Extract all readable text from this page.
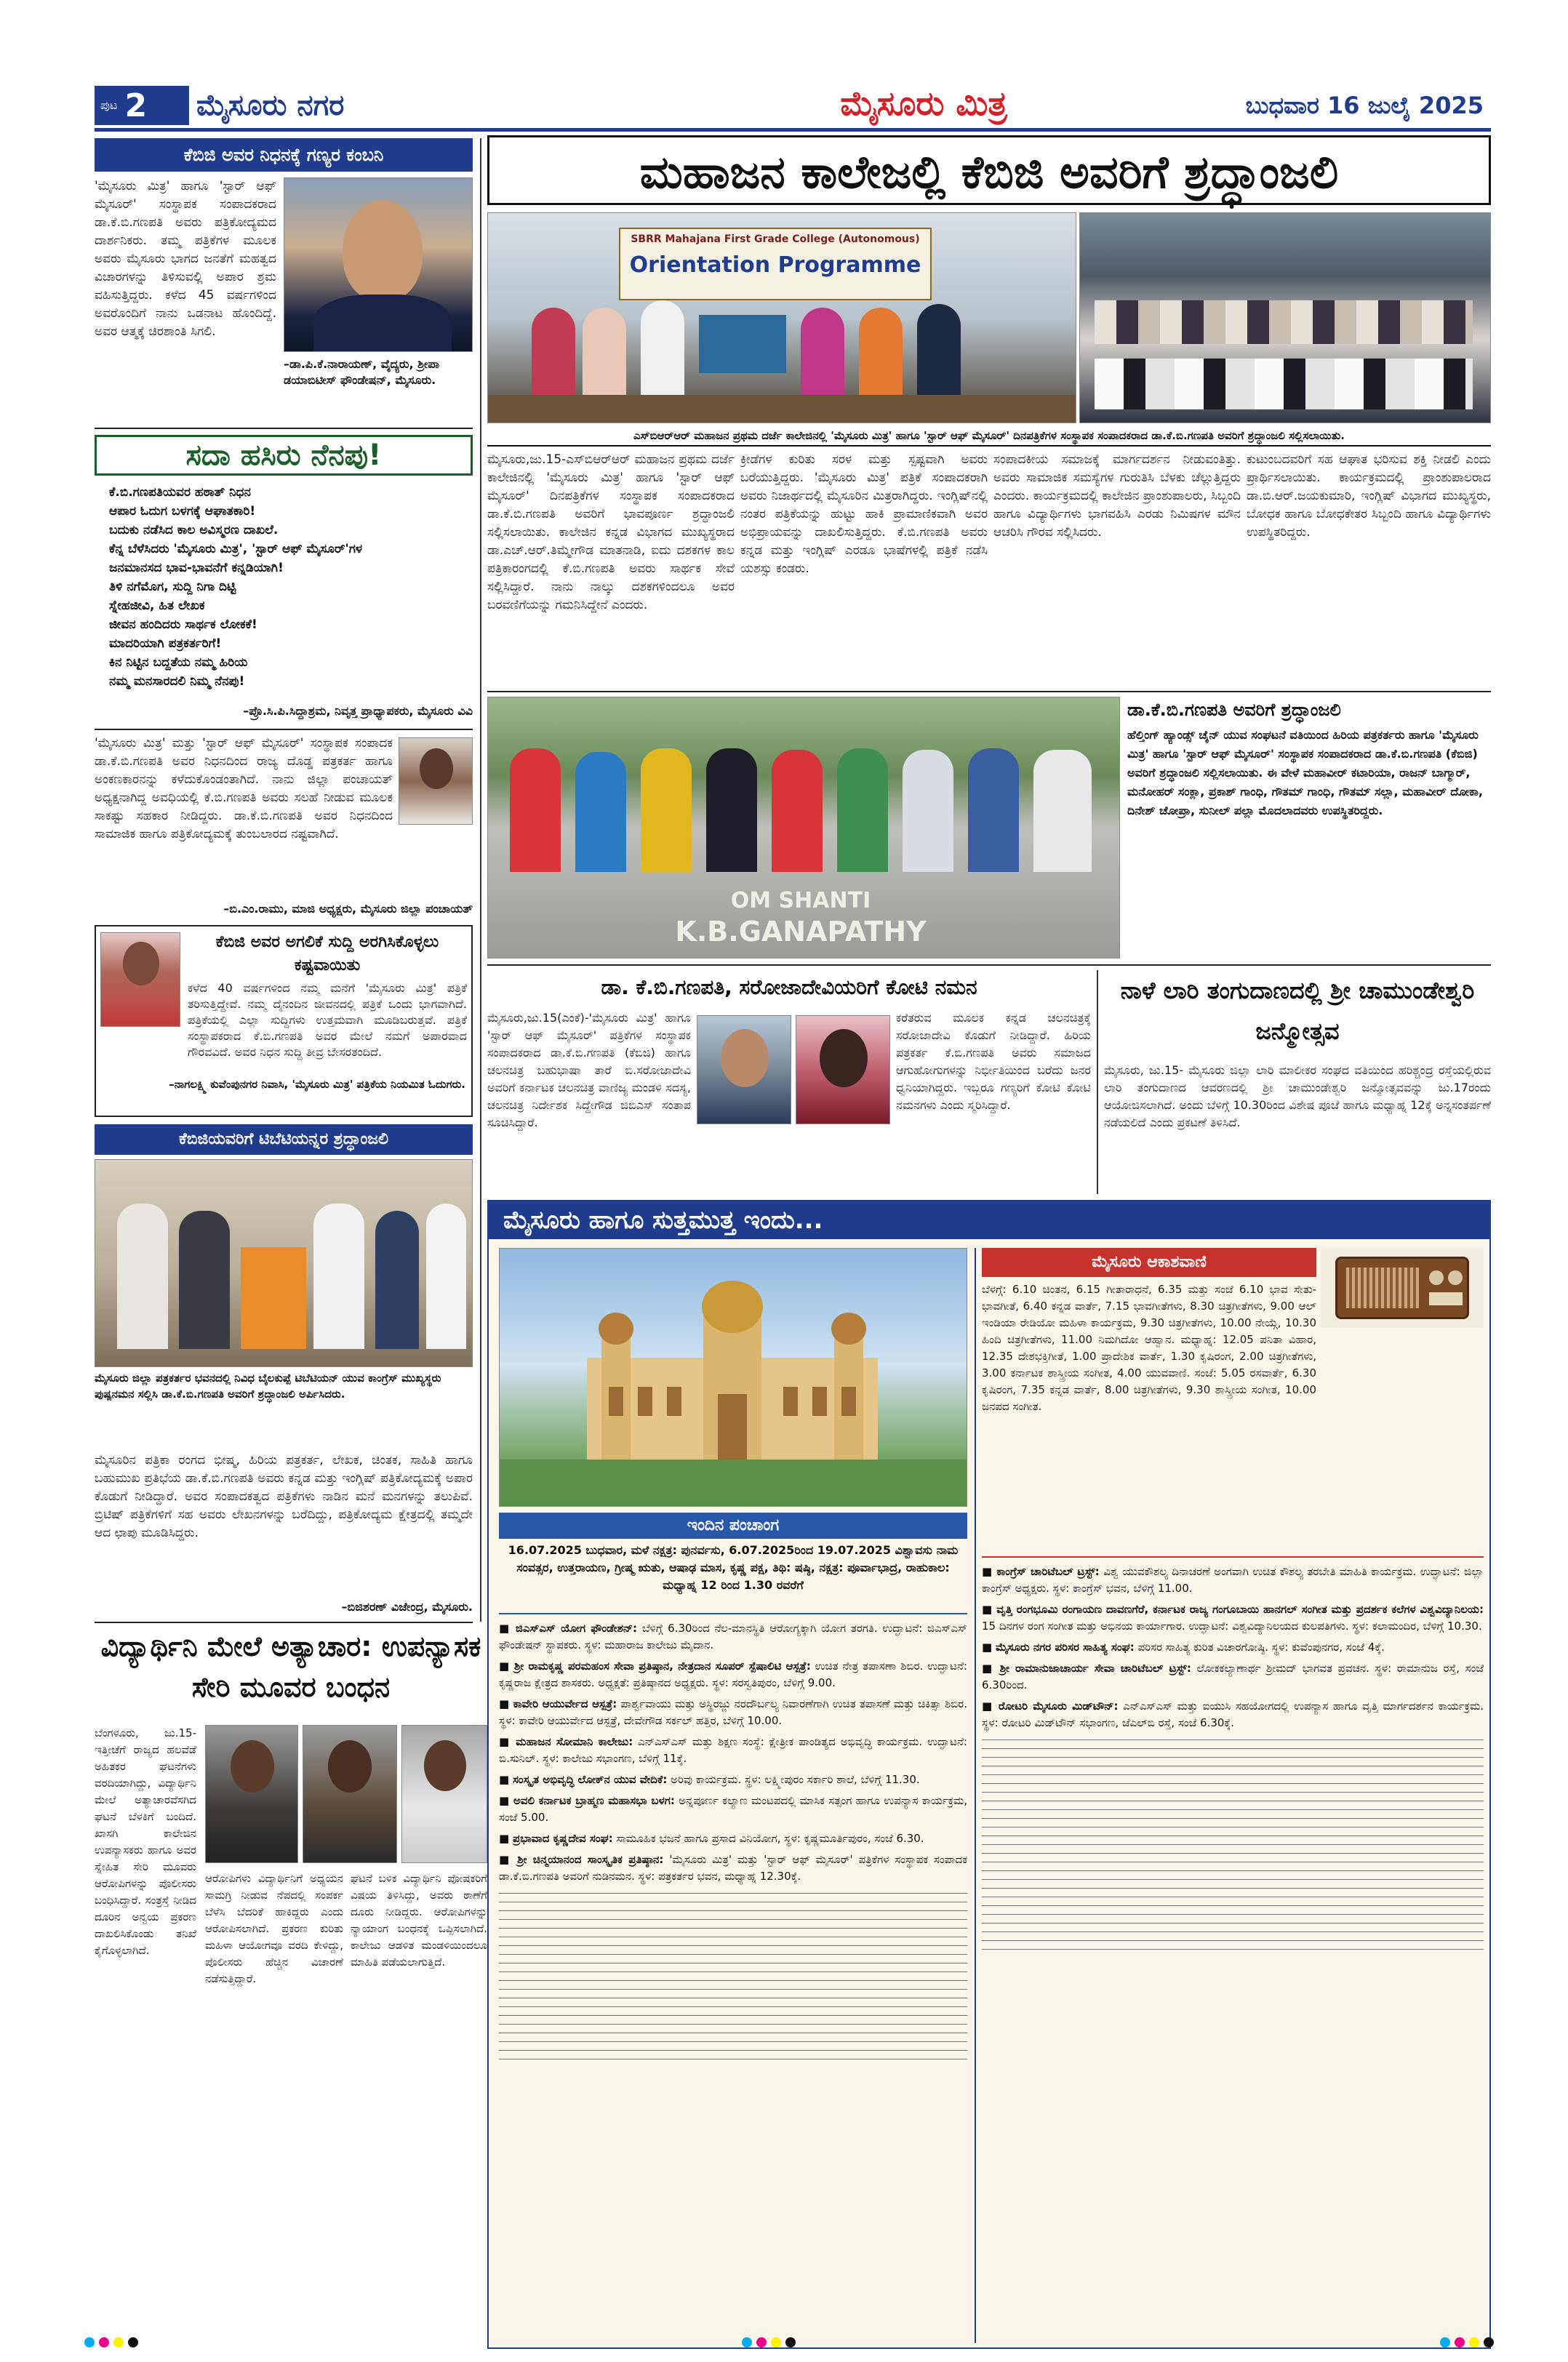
ಪುಟ 2 ಮೈಸೂರು ನಗರ	ಮೈಸೂರು ಮಿತ್ರ	ಬುಧವಾರ 16 ಜುಲೈ 2025
ಕೆಬಿಜಿ ಅವರ ನಿಧನಕ್ಕೆ ಗಣ್ಯರ ಕಂಬನಿ
'ಮೈಸೂರು ಮಿತ್ರ' ಹಾಗೂ 'ಸ್ಟಾರ್ ಆಫ್ ಮೈಸೂರ್' ಸಂಸ್ಥಾಪಕ ಸಂಪಾದಕರಾದ ಡಾ.ಕೆ.ಬಿ.ಗಣಪತಿ ಅವರು ಪತ್ರಿಕೋದ್ಯಮದ ದಾರ್ಶನಿಕರು. ತಮ್ಮ ಪತ್ರಿಕೆಗಳ ಮೂಲಕ ಅವರು ಮೈಸೂರು ಭಾಗದ ಜನತೆಗೆ ಮಹತ್ವದ ವಿಚಾರಗಳನ್ನು ತಿಳಿಸುವಲ್ಲಿ ಅಪಾರ ಶ್ರಮ ವಹಿಸುತ್ತಿದ್ದರು. ಕಳೆದ 45 ವರ್ಷಗಳಿಂದ ಅವರೊಂದಿಗೆ ನಾನು ಒಡನಾಟ ಹೊಂದಿದ್ದೆ. ಅವರ ಆತ್ಮಕ್ಕೆ ಚಿರಶಾಂತಿ ಸಿಗಲಿ.
–ಡಾ.ಪಿ.ಕೆ.ನಾರಾಯಣ್, ವೈದ್ಯರು, ಶ್ರೀಪಾ ಡಯಾಬಿಟೀಸ್ ಫೌಂಡೇಷನ್, ಮೈಸೂರು.
ಸದಾ ಹಸಿರು ನೆನಪು!
ಕೆ.ಬಿ.ಗಣಪತಿಯವರ ಹಠಾತ್ ನಿಧನ
ಆಪಾರ ಓದುಗ ಬಳಗಕ್ಕೆ ಆಘಾತಕಾರಿ!
ಬದುಕು ನಡೆಸಿದ ಕಾಲ ಅವಿಸ್ಮರಣ ದಾಖಲೆ.
ಕೆನ್ನ ಬೆಳೆಸಿದರು 'ಮೈಸೂರು ಮಿತ್ರ', 'ಸ್ಟಾರ್ ಆಫ್ ಮೈಸೂರ್'ಗಳ
ಜನಮಾನಸದ ಭಾವ-ಭಾವನೆಗೆ ಕನ್ನಡಿಯಾಗಿ!
ತಿಳಿ ನಗೆಮೊಗ, ಸುದ್ದಿ ನಿಗಾ ದಿಟ್ಟಿ
ಸ್ನೇಹಜೀವಿ, ಹಿತ ಲೇಖಕ
ಜೀವನ ಹಂದಿದರು ಸಾರ್ಥಕ ಲೋಕಕೆ!
ಮಾದರಿಯಾಗಿ ಪತ್ರಕರ್ತರಿಗೆ!
ಕಿನ ನಿಟ್ಟಿನ ಬದ್ದತೆಯ ನಮ್ಮ ಹಿರಿಯ
ನಮ್ಮ ಮನಸಾರದಲಿ ನಿಮ್ಮ ನೆನಪು!
–ಪ್ರೊ.ಸಿ.ಪಿ.ಸಿದ್ದಾಶ್ರಮ, ನಿವೃತ್ತ ಪ್ರಾಧ್ಯಾಪಕರು, ಮೈಸೂರು ವಿವಿ
'ಮೈಸೂರು ಮಿತ್ರ' ಮತ್ತು 'ಸ್ಟಾರ್ ಆಫ್ ಮೈಸೂರ್' ಸಂಸ್ಥಾಪಕ ಸಂಪಾದಕ ಡಾ.ಕೆ.ಬಿ.ಗಣಪತಿ ಅವರ ನಿಧನದಿಂದ ರಾಜ್ಯ ದೊಡ್ಡ ಪತ್ರಕರ್ತ ಹಾಗೂ ಅಂಕಣಕಾರನನ್ನು ಕಳೆದುಕೊಂಡಂತಾಗಿದೆ. ನಾನು ಜಿಲ್ಲಾ ಪಂಚಾಯತ್ ಅಧ್ಯಕ್ಷನಾಗಿದ್ದ ಅವಧಿಯಲ್ಲಿ ಕೆ.ಬಿ.ಗಣಪತಿ ಅವರು ಸಲಹೆ ನೀಡುವ ಮೂಲಕ ಸಾಕಷ್ಟು ಸಹಕಾರ ನೀಡಿದ್ದರು. ಡಾ.ಕೆ.ಬಿ.ಗಣಪತಿ ಅವರ ನಿಧನದಿಂದ ಸಾಮಾಜಿಕ ಹಾಗೂ ಪತ್ರಿಕೋದ್ಯಮಕ್ಕೆ ತುಂಬಲಾರದ ನಷ್ಟವಾಗಿದೆ.
–ಬಿ.ಎಂ.ರಾಮು, ಮಾಜಿ ಅಧ್ಯಕ್ಷರು, ಮೈಸೂರು ಜಿಲ್ಲಾ ಪಂಚಾಯತ್
ಕೆಬಿಜಿ ಅವರ ಅಗಲಿಕೆ ಸುದ್ದಿ ಅರಗಿಸಿಕೊಳ್ಳಲು ಕಷ್ಟವಾಯಿತು
ಕಳೆದ 40 ವರ್ಷಗಳಿಂದ ನಮ್ಮ ಮನೆಗೆ 'ಮೈಸೂರು ಮಿತ್ರ' ಪತ್ರಿಕೆ ತರಿಸುತ್ತಿದ್ದೇವೆ. ನಮ್ಮ ದೈನಂದಿನ ಜೀವನದಲ್ಲಿ ಪತ್ರಿಕೆ ಒಂದು ಭಾಗವಾಗಿದೆ. ಪತ್ರಿಕೆಯಲ್ಲಿ ಎಲ್ಲಾ ಸುದ್ದಿಗಳು ಉತ್ತಮವಾಗಿ ಮೂಡಿಬರುತ್ತವೆ. ಪತ್ರಿಕೆ ಸಂಸ್ಥಾಪಕರಾದ ಕೆ.ಬಿ.ಗಣಪತಿ ಅವರ ಮೇಲೆ ನಮಗೆ ಅಪಾರವಾದ ಗೌರವವಿದೆ. ಅವರ ನಿಧನ ಸುದ್ದಿ ತೀವ್ರ ಬೇಸರತಂದಿದೆ.
–ನಾಗಲಕ್ಷ್ಮಿ ಕುವೆಂಪುನಗರ ನಿವಾಸಿ, 'ಮೈಸೂರು ಮಿತ್ರ' ಪತ್ರಿಕೆಯ ನಿಯಮಿತ ಓದುಗರು.
ಕೆಬಿಜಿಯವರಿಗೆ ಟಿಬೆಟಿಯನ್ನರ ಶ್ರದ್ಧಾಂಜಲಿ
ಮೈಸೂರು ಜಿಲ್ಲಾ ಪತ್ರಕರ್ತರ ಭವನದಲ್ಲಿ ನಿವಿಧ ಬೈಲಕುಪ್ಪೆ ಟಿಬೆಟಿಯನ್ ಯುವ ಕಾಂಗ್ರೆಸ್ ಮುಖ್ಯಸ್ಥರು ಪುಷ್ಪನಮನ ಸಲ್ಲಿಸಿ ಡಾ.ಕೆ.ಬಿ.ಗಣಪತಿ ಅವರಿಗೆ ಶ್ರದ್ಧಾಂಜಲಿ ಅರ್ಪಿಸಿದರು.
ಮೈಸೂರಿನ ಪತ್ರಿಕಾ ರಂಗದ ಭೀಷ್ಮ, ಹಿರಿಯ ಪತ್ರಕರ್ತ, ಲೇಖಕ, ಚಿಂತಕ, ಸಾಹಿತಿ ಹಾಗೂ ಬಹುಮುಖ ಪ್ರತಿಭೆಯ ಡಾ.ಕೆ.ಬಿ.ಗಣಪತಿ ಅವರು ಕನ್ನಡ ಮತ್ತು ಇಂಗ್ಲಿಷ್ ಪತ್ರಿಕೋದ್ಯಮಕ್ಕೆ ಅಪಾರ ಕೊಡುಗೆ ನೀಡಿದ್ದಾರೆ. ಅವರ ಸಂಪಾದಕತ್ವದ ಪತ್ರಿಕೆಗಳು ನಾಡಿನ ಮನೆ ಮನಗಳನ್ನು ತಲುಪಿವೆ. ಬ್ರಿಟಿಷ್ ಪತ್ರಿಕೆಗಳಿಗೆ ಸಹ ಅವರು ಲೇಖನಗಳನ್ನು ಬರೆದಿದ್ದು, ಪತ್ರಿಕೋದ್ಯಮ ಕ್ಷೇತ್ರದಲ್ಲಿ ತಮ್ಮದೇ ಆದ ಛಾಪು ಮೂಡಿಸಿದ್ದರು.
–ಬಿಜಿಶರಣ್ ವಿಜೇಂದ್ರ, ಮೈಸೂರು.
ವಿದ್ಯಾರ್ಥಿನಿ ಮೇಲೆ ಅತ್ಯಾಚಾರ: ಉಪನ್ಯಾಸಕ ಸೇರಿ ಮೂವರ ಬಂಧನ
ಬೆಂಗಳೂರು, ಜು.15- ಇತ್ತೀಚೆಗೆ ರಾಜ್ಯದ ಹಲವೆಡೆ ಅಹಿತಕರ ಘಟನೆಗಳು ವರದಿಯಾಗಿದ್ದು, ವಿದ್ಯಾರ್ಥಿನಿ ಮೇಲೆ ಅತ್ಯಾಚಾರವೆಸಗಿದ ಘಟನೆ ಬೆಳಕಿಗೆ ಬಂದಿದೆ. ಖಾಸಗಿ ಕಾಲೇಜಿನ ಉಪನ್ಯಾಸಕರು ಹಾಗೂ ಅವರ ಸ್ನೇಹಿತ ಸೇರಿ ಮೂವರು ಆರೋಪಿಗಳನ್ನು ಪೊಲೀಸರು ಬಂಧಿಸಿದ್ದಾರೆ. ಸಂತ್ರಸ್ತೆ ನೀಡಿದ ದೂರಿನ ಅನ್ವಯ ಪ್ರಕರಣ ದಾಖಲಿಸಿಕೊಂಡು ತನಿಖೆ ಕೈಗೊಳ್ಳಲಾಗಿದೆ.
ಆರೋಪಿಗಳು ವಿದ್ಯಾರ್ಥಿನಿಗೆ ಅಧ್ಯಯನ ಸಾಮಗ್ರಿ ನೀಡುವ ನೆಪದಲ್ಲಿ ಸಂಪರ್ಕ ಬೆಳೆಸಿ ಬೆದರಿಕೆ ಹಾಕಿದ್ದರು ಎಂದು ಆರೋಪಿಸಲಾಗಿದೆ. ಪ್ರಕರಣ ಕುರಿತು ಮಹಿಳಾ ಆಯೋಗವೂ ವರದಿ ಕೇಳಿದ್ದು, ಪೊಲೀಸರು ಹೆಚ್ಚಿನ ವಿಚಾರಣೆ ನಡೆಸುತ್ತಿದ್ದಾರೆ.
ಘಟನೆ ಬಳಿಕ ವಿದ್ಯಾರ್ಥಿನಿ ಪೋಷಕರಿಗೆ ವಿಷಯ ತಿಳಿಸಿದ್ದು, ಅವರು ಠಾಣೆಗೆ ದೂರು ನೀಡಿದ್ದರು. ಆರೋಪಿಗಳನ್ನು ನ್ಯಾಯಾಂಗ ಬಂಧನಕ್ಕೆ ಒಪ್ಪಿಸಲಾಗಿದೆ. ಕಾಲೇಜು ಆಡಳಿತ ಮಂಡಳಿಯಿಂದಲೂ ಮಾಹಿತಿ ಪಡೆಯಲಾಗುತ್ತಿದೆ.
ಮಹಾಜನ ಕಾಲೇಜಲ್ಲಿ ಕೆಬಿಜಿ ಅವರಿಗೆ ಶ್ರದ್ಧಾಂಜಲಿ
SBRR Mahajana First Grade College (Autonomous)
Orientation Programme
ಎಸ್‌ಬಿಆರ್‌ಆರ್ ಮಹಾಜನ ಪ್ರಥಮ ದರ್ಜೆ ಕಾಲೇಜಿನಲ್ಲಿ 'ಮೈಸೂರು ಮಿತ್ರ' ಹಾಗೂ 'ಸ್ಟಾರ್ ಆಫ್ ಮೈಸೂರ್' ದಿನಪತ್ರಿಕೆಗಳ ಸಂಸ್ಥಾಪಕ ಸಂಪಾದಕರಾದ ಡಾ.ಕೆ.ಬಿ.ಗಣಪತಿ ಅವರಿಗೆ ಶ್ರದ್ಧಾಂಜಲಿ ಸಲ್ಲಿಸಲಾಯಿತು.
ಮೈಸೂರು,ಜು.15-ಎಸ್‌ಬಿಆರ್‌ಆರ್ ಮಹಾಜನ ಪ್ರಥಮ ದರ್ಜೆ ಕಾಲೇಜಿನಲ್ಲಿ 'ಮೈಸೂರು ಮಿತ್ರ' ಹಾಗೂ 'ಸ್ಟಾರ್ ಆಫ್ ಮೈಸೂರ್' ದಿನಪತ್ರಿಕೆಗಳ ಸಂಸ್ಥಾಪಕ ಸಂಪಾದಕರಾದ ಡಾ.ಕೆ.ಬಿ.ಗಣಪತಿ ಅವರಿಗೆ ಭಾವಪೂರ್ಣ ಶ್ರದ್ಧಾಂಜಲಿ ಸಲ್ಲಿಸಲಾಯಿತು. ಕಾಲೇಜಿನ ಕನ್ನಡ ವಿಭಾಗದ ಮುಖ್ಯಸ್ಥರಾದ ಡಾ.ಎಚ್.ಆರ್.ತಿಮ್ಮೇಗೌಡ ಮಾತನಾಡಿ, ಐದು ದಶಕಗಳ ಕಾಲ ಪತ್ರಿಕಾರಂಗದಲ್ಲಿ ಕೆ.ಬಿ.ಗಣಪತಿ ಅವರು ಸಾರ್ಥಕ ಸೇವೆ ಸಲ್ಲಿಸಿದ್ದಾರೆ. ನಾನು ನಾಲ್ಕು ದಶಕಗಳಿಂದಲೂ ಅವರ ಬರವಣಿಗೆಯನ್ನು ಗಮನಿಸಿದ್ದೇನೆ ಎಂದರು.
ಕ್ರೀಡೆಗಳ ಕುರಿತು ಸರಳ ಮತ್ತು ಸ್ಪಷ್ಟವಾಗಿ ಅವರು ಬರೆಯುತ್ತಿದ್ದರು. 'ಮೈಸೂರು ಮಿತ್ರ' ಪತ್ರಿಕೆ ಸಂಪಾದಕರಾಗಿ ಅವರು ನಿಜಾರ್ಥದಲ್ಲಿ ಮೈಸೂರಿನ ಮಿತ್ರರಾಗಿದ್ದರು. ಇಂಗ್ಲಿಷ್‌ನಲ್ಲಿ ನಂತರ ಪತ್ರಿಕೆಯನ್ನು ಹುಟ್ಟು ಹಾಕಿ ಪ್ರಾಮಾಣಿಕವಾಗಿ ಅವರ ಅಭಿಪ್ರಾಯವನ್ನು ದಾಖಲಿಸುತ್ತಿದ್ದರು. ಕೆ.ಬಿ.ಗಣಪತಿ ಅವರು ಕನ್ನಡ ಮತ್ತು ಇಂಗ್ಲಿಷ್ ಎರಡೂ ಭಾಷೆಗಳಲ್ಲಿ ಪತ್ರಿಕೆ ನಡೆಸಿ ಯಶಸ್ಸು ಕಂಡರು.
ಸಂಪಾದಕೀಯ ಸಮಾಜಕ್ಕೆ ಮಾರ್ಗದರ್ಶನ ನೀಡುವಂತಿತ್ತು. ಅವರು ಸಾಮಾಜಿಕ ಸಮಸ್ಯೆಗಳ ಗುರುತಿಸಿ ಬೆಳಕು ಚೆಲ್ಲುತ್ತಿದ್ದರು ಎಂದರು. ಕಾರ್ಯಕ್ರಮದಲ್ಲಿ ಕಾಲೇಜಿನ ಪ್ರಾಂಶುಪಾಲರು, ಸಿಬ್ಬಂದಿ ಹಾಗೂ ವಿದ್ಯಾರ್ಥಿಗಳು ಭಾಗವಹಿಸಿ ಎರಡು ನಿಮಿಷಗಳ ಮೌನ ಆಚರಿಸಿ ಗೌರವ ಸಲ್ಲಿಸಿದರು.
ಕುಟುಂಬದವರಿಗೆ ಸಹ ಆಘಾತ ಭರಿಸುವ ಶಕ್ತಿ ನೀಡಲಿ ಎಂದು ಪ್ರಾರ್ಥಿಸಲಾಯಿತು. ಕಾರ್ಯಕ್ರಮದಲ್ಲಿ ಪ್ರಾಂಶುಪಾಲರಾದ ಡಾ.ಬಿ.ಆರ್.ಜಯಕುಮಾರಿ, ಇಂಗ್ಲಿಷ್ ವಿಭಾಗದ ಮುಖ್ಯಸ್ಥರು, ಬೋಧಕ ಹಾಗೂ ಬೋಧಕೇತರ ಸಿಬ್ಬಂದಿ ಹಾಗೂ ವಿದ್ಯಾರ್ಥಿಗಳು ಉಪಸ್ಥಿತರಿದ್ದರು.
OM SHANTI
K.B.GANAPATHY
ಡಾ.ಕೆ.ಬಿ.ಗಣಪತಿ ಅವರಿಗೆ ಶ್ರದ್ಧಾಂಜಲಿ
ಹೆಲ್ತಿಂಗ್ ಹ್ಯಾಂಡ್ಸ್ ಚೈನ್ ಯುವ ಸಂಘಟನೆ ವತಿಯಿಂದ ಹಿರಿಯ ಪತ್ರಕರ್ತರು ಹಾಗೂ 'ಮೈಸೂರು ಮಿತ್ರ' ಹಾಗೂ 'ಸ್ಟಾರ್ ಆಫ್ ಮೈಸೂರ್' ಸಂಸ್ಥಾಪಕ ಸಂಪಾದಕರಾದ ಡಾ.ಕೆ.ಬಿ.ಗಣಪತಿ (ಕೆಬಿಜಿ) ಅವರಿಗೆ ಶ್ರದ್ಧಾಂಜಲಿ ಸಲ್ಲಿಸಲಾಯಿತು. ಈ ವೇಳೆ ಮಹಾವೀರ್ ಕಟಾರಿಯಾ, ರಾಜನ್ ಬಾಗ್ಮಾರ್, ಮನೋಹರ್ ಸಂಕ್ಲಾ, ಪ್ರಕಾಶ್ ಗಾಂಧಿ, ಗೌತಮ್ ಗಾಂಧಿ, ಗೌತಮ್ ಸಲ್ಲಾ, ಮಹಾವೀರ್ ದೋಕಾ, ದಿನೇಶ್ ಚೋಪ್ರಾ, ಸುನೀಲ್ ಪಲ್ಲಾ ಮೊದಲಾದವರು ಉಪಸ್ಥಿತರಿದ್ದರು.
ಡಾ. ಕೆ.ಬಿ.ಗಣಪತಿ, ಸರೋಜಾದೇವಿಯರಿಗೆ ಕೋಟಿ ನಮನ
ಮೈಸೂರು,ಜು.15(ಎಂಕೆ)-'ಮೈಸೂರು ಮಿತ್ರ' ಹಾಗೂ 'ಸ್ಟಾರ್ ಆಫ್ ಮೈಸೂರ್' ಪತ್ರಿಕೆಗಳ ಸಂಸ್ಥಾಪಕ ಸಂಪಾದಕರಾದ ಡಾ.ಕೆ.ಬಿ.ಗಣಪತಿ (ಕೆಬಿಜಿ) ಹಾಗೂ ಚಲನಚಿತ್ರ ಬಹುಭಾಷಾ ತಾರೆ ಬಿ.ಸರೋಜಾದೇವಿ ಅವರಿಗೆ ಕರ್ನಾಟಕ ಚಲನಚಿತ್ರ ವಾಣಿಜ್ಯ ಮಂಡಳಿ ಸದಸ್ಯ, ಚಲನಚಿತ್ರ ನಿರ್ದೇಶಕ ಸಿದ್ದೇಗೌಡ ಜಿಬಿಎಸ್ ಸಂತಾಪ ಸೂಚಿಸಿದ್ದಾರೆ.
ಕರೆತರುವ ಮೂಲಕ ಕನ್ನಡ ಚಲನಚಿತ್ರಕ್ಕೆ ಸರೋಜಾದೇವಿ ಕೊಡುಗೆ ನೀಡಿದ್ದಾರೆ. ಹಿರಿಯ ಪತ್ರಕರ್ತ ಕೆ.ಬಿ.ಗಣಪತಿ ಅವರು ಸಮಾಜದ ಆಗುಹೋಗುಗಳನ್ನು ನಿರ್ಭೀತಿಯಿಂದ ಬರೆದು ಜನರ ಧ್ವನಿಯಾಗಿದ್ದರು. ಇಬ್ಬರೂ ಗಣ್ಯರಿಗೆ ಕೋಟಿ ಕೋಟಿ ನಮನಗಳು ಎಂದು ಸ್ಮರಿಸಿದ್ದಾರೆ.
ನಾಳೆ ಲಾರಿ ತಂಗುದಾಣದಲ್ಲಿ ಶ್ರೀ ಚಾಮುಂಡೇಶ್ವರಿ ಜನ್ಮೋತ್ಸವ
ಮೈಸೂರು, ಜು.15- ಮೈಸೂರು ಜಿಲ್ಲಾ ಲಾರಿ ಮಾಲೀಕರ ಸಂಘದ ವತಿಯಿಂದ ಹರಿಶ್ಚಂದ್ರ ರಸ್ತೆಯಲ್ಲಿರುವ ಲಾರಿ ತಂಗುದಾಣದ ಆವರಣದಲ್ಲಿ ಶ್ರೀ ಚಾಮುಂಡೇಶ್ವರಿ ಜನ್ಮೋತ್ಸವವನ್ನು ಜು.17ರಂದು ಆಯೋಜಿಸಲಾಗಿದೆ. ಅಂದು ಬೆಳಿಗ್ಗೆ 10.30ರಿಂದ ವಿಶೇಷ ಪೂಜೆ ಹಾಗೂ ಮಧ್ಯಾಹ್ನ 12ಕ್ಕೆ ಅನ್ನಸಂತರ್ಪಣೆ ನಡೆಯಲಿದೆ ಎಂದು ಪ್ರಕಟಣೆ ತಿಳಿಸಿದೆ.
ಮೈಸೂರು ಹಾಗೂ ಸುತ್ತಮುತ್ತ ಇಂದು...
ಇಂದಿನ ಪಂಚಾಂಗ
16.07.2025 ಬುಧವಾರ, ಮಳೆ ನಕ್ಷತ್ರ: ಪುನರ್ವಸು, 6.07.2025ರಿಂದ 19.07.2025 ವಿಶ್ವಾವಸು ನಾಮ ಸಂವತ್ಸರ, ಉತ್ತರಾಯಣ, ಗ್ರೀಷ್ಮ ಋತು, ಆಷಾಢ ಮಾಸ, ಕೃಷ್ಣ ಪಕ್ಷ, ತಿಥಿ: ಷಷ್ಠಿ, ನಕ್ಷತ್ರ: ಪೂರ್ವಾಭಾದ್ರ, ರಾಹುಕಾಲ: ಮಧ್ಯಾಹ್ನ 12 ರಿಂದ 1.30 ರವರೆಗೆ

■ ಜಿಎಸ್‌ಎಸ್ ಯೋಗ ಫೌಂಡೇಶನ್: ಬೆಳಿಗ್ಗೆ 6.30ರಿಂದ ನೆಲ-ಮಾನಸ್ಥಿತಿ ಆರೋಗ್ಯಕ್ಕಾಗಿ ಯೋಗ ತರಗತಿ. ಉದ್ಘಾಟನೆ: ಜಿಎಸ್‌ಎಸ್ ಫೌಂಡೇಷನ್ ಸ್ಥಾಪಕರು. ಸ್ಥಳ: ಮಹಾರಾಜ ಕಾಲೇಜು ಮೈದಾನ.

■ ಶ್ರೀ ರಾಮಕೃಷ್ಣ ಪರಮಹಂಸ ಸೇವಾ ಪ್ರತಿಷ್ಠಾನ, ನೇತ್ರದಾನ ಸೂಪರ್ ಸ್ಪೆಷಾಲಿಟಿ ಆಸ್ಪತ್ರೆ: ಉಚಿತ ನೇತ್ರ ತಪಾಸಣಾ ಶಿಬಿರ. ಉದ್ಘಾಟನೆ: ಕೃಷ್ಣರಾಜ ಕ್ಷೇತ್ರದ ಶಾಸಕರು. ಅಧ್ಯಕ್ಷತೆ: ಪ್ರತಿಷ್ಠಾನದ ಅಧ್ಯಕ್ಷರು. ಸ್ಥಳ: ಸರಸ್ವತಿಪುರಂ, ಬೆಳಿಗ್ಗೆ 9.00.

■ ಕಾವೇರಿ ಆಯುರ್ವೇದ ಆಸ್ಪತ್ರೆ: ಪಾರ್ಶ್ವವಾಯು ಮತ್ತು ಅಸ್ಥಿರಜ್ಜು ನರದೌರ್ಬಲ್ಯ ನಿವಾರಣೆಗಾಗಿ ಉಚಿತ ತಪಾಸಣೆ ಮತ್ತು ಚಿಕಿತ್ಸಾ ಶಿಬಿರ. ಸ್ಥಳ: ಕಾವೇರಿ ಆಯುರ್ವೇದ ಆಸ್ಪತ್ರೆ, ದೇವೇಗೌಡ ಸರ್ಕಲ್ ಹತ್ತಿರ, ಬೆಳಿಗ್ಗೆ 10.00.

■ ಮಹಾಜನ ಸೋಮಾನಿ ಕಾಲೇಜು: ಎನ್‌ಎಸ್‌ಎಸ್ ಮತ್ತು ಶಿಕ್ಷಣ ಸಂಸ್ಥೆ: ಕ್ಷೇತ್ರೀಕ ಪಾಂಡಿತ್ಯದ ಅಭಿವೃದ್ಧಿ ಕಾರ್ಯಕ್ರಮ. ಉದ್ಘಾಟನೆ: ಬಿ.ಸುನಿಲ್. ಸ್ಥಳ: ಕಾಲೇಜು ಸಭಾಂಗಣ, ಬೆಳಿಗ್ಗೆ 11ಕ್ಕೆ.

■ ಸಂಸ್ಕೃತ ಅಭಿವೃದ್ಧಿ ಲೋಕ್‌ನ ಯುವ ವೇದಿಕೆ: ಅರಿವು ಕಾರ್ಯಕ್ರಮ. ಸ್ಥಳ: ಲಕ್ಷ್ಮೀಪುರಂ ಸರ್ಕಾರಿ ಶಾಲೆ, ಬೆಳಿಗ್ಗೆ 11.30.

■ ಅವಲಿ ಕರ್ನಾಟಕ ಬ್ರಾಹ್ಮಣ ಮಹಾಸಭಾ ಬಳಗ: ಅನ್ನಪೂರ್ಣ ಕಲ್ಯಾಣ ಮಂಟಪದಲ್ಲಿ ಮಾಸಿಕ ಸತ್ಸಂಗ ಹಾಗೂ ಉಪನ್ಯಾಸ ಕಾರ್ಯಕ್ರಮ, ಸಂಜೆ 5.00.

■ ಪ್ರಭಾವಾದ ಕೃಷ್ಣದೇವ ಸಂಘ: ಸಾಮೂಹಿಕ ಭಜನೆ ಹಾಗೂ ಪ್ರಸಾದ ವಿನಿಯೋಗ, ಸ್ಥಳ: ಕೃಷ್ಣಮೂರ್ತಿಪುರಂ, ಸಂಜೆ 6.30.

■ ಶ್ರೀ ಚಿನ್ಮಯಾನಂದ ಸಾಂಸ್ಕೃತಿಕ ಪ್ರತಿಷ್ಠಾನ: 'ಮೈಸೂರು ಮಿತ್ರ' ಮತ್ತು 'ಸ್ಟಾರ್ ಆಫ್ ಮೈಸೂರ್' ಪತ್ರಿಕೆಗಳ ಸಂಸ್ಥಾಪಕ ಸಂಪಾದಕ ಡಾ.ಕೆ.ಬಿ.ಗಣಪತಿ ಅವರಿಗೆ ನುಡಿನಮನ. ಸ್ಥಳ: ಪತ್ರಕರ್ತರ ಭವನ, ಮಧ್ಯಾಹ್ನ 12.30ಕ್ಕೆ.

ಮೈಸೂರು ಆಕಾಶವಾಣಿ
ಬೆಳಗ್ಗೆ: 6.10 ಚಿಂತನ, 6.15 ಗೀತಾರಾಧನೆ, 6.35 ಮತ್ತು ಸಂಜೆ 6.10 ಭಾವ ಸೇತು-ಭಾವಗೀತೆ, 6.40 ಕನ್ನಡ ವಾರ್ತೆ, 7.15 ಭಾವಗೀತೆಗಳು, 8.30 ಚಿತ್ರಗೀತೆಗಳು, 9.00 ಆಲ್ ಇಂಡಿಯಾ ರೇಡಿಯೋ ಮಹಿಳಾ ಕಾರ್ಯಕ್ರಮ, 9.30 ಚಿತ್ರಗೀತೆಗಳು, 10.00 ನೇಯ್ಗೆ, 10.30 ಹಿಂದಿ ಚಿತ್ರಗೀತೆಗಳು, 11.00 ನಿಮಗಿದೋ ಆಹ್ವಾನ. ಮಧ್ಯಾಹ್ನ: 12.05 ಪನಿತಾ ವಿಹಾರ, 12.35 ದೇಶಭಕ್ತಿಗೀತೆ, 1.00 ಪ್ರಾದೇಶಿಕ ವಾರ್ತೆ, 1.30 ಕೃಷಿರಂಗ, 2.00 ಚಿತ್ರಗೀತೆಗಳು, 3.00 ಕರ್ನಾಟಕ ಶಾಸ್ತ್ರೀಯ ಸಂಗೀತ, 4.00 ಯುವವಾಣಿ. ಸಂಜೆ: 5.05 ರಸವಾರ್ತೆ, 6.30 ಕೃಷಿರಂಗ, 7.35 ಕನ್ನಡ ವಾರ್ತೆ, 8.00 ಚಿತ್ರಗೀತೆಗಳು, 9.30 ಶಾಸ್ತ್ರೀಯ ಸಂಗೀತ, 10.00 ಜನಪದ ಸಂಗೀತ.

■ ಕಾಂಗ್ರೆಸ್ ಚಾರಿಟೆಬಲ್ ಟ್ರಸ್ಟ್: ವಿಶ್ವ ಯುವಕೌಶಲ್ಯ ದಿನಾಚರಣೆ ಅಂಗವಾಗಿ ಉಚಿತ ಕೌಶಲ್ಯ ತರಬೇತಿ ಮಾಹಿತಿ ಕಾರ್ಯಕ್ರಮ. ಉದ್ಘಾಟನೆ: ಜಿಲ್ಲಾ ಕಾಂಗ್ರೆಸ್ ಅಧ್ಯಕ್ಷರು. ಸ್ಥಳ: ಕಾಂಗ್ರೆಸ್ ಭವನ, ಬೆಳಿಗ್ಗೆ 11.00.

■ ವೃತ್ತಿ ರಂಗಭೂಮಿ ರಂಗಾಯಣ ದಾವಣಗೆರೆ, ಕರ್ನಾಟಕ ರಾಜ್ಯ ಗಂಗೂಬಾಯಿ ಹಾನಗಲ್ ಸಂಗೀತ ಮತ್ತು ಪ್ರದರ್ಶಕ ಕಲೆಗಳ ವಿಶ್ವವಿದ್ಯಾನಿಲಯ: 15 ದಿನಗಳ ರಂಗ ಸಂಗೀತ ಮತ್ತು ಅಭಿನಯ ಕಾರ್ಯಾಗಾರ. ಉದ್ಘಾಟನೆ: ವಿಶ್ವವಿದ್ಯಾನಿಲಯದ ಕುಲಪತಿಗಳು. ಸ್ಥಳ: ಕಲಾಮಂದಿರ, ಬೆಳಿಗ್ಗೆ 10.30.

■ ಮೈಸೂರು ನಗರ ಪರಿಸರ ಸಾಹಿತ್ಯ ಸಂಘ: ಪರಿಸರ ಸಾಹಿತ್ಯ ಕುರಿತ ವಿಚಾರಗೋಷ್ಠಿ. ಸ್ಥಳ: ಕುವೆಂಪುನಗರ, ಸಂಜೆ 4ಕ್ಕೆ.

■ ಶ್ರೀ ರಾಮಾನುಜಾಚಾರ್ಯ ಸೇವಾ ಚಾರಿಟೆಬಲ್ ಟ್ರಸ್ಟ್: ಲೋಕಕಲ್ಯಾಣಾರ್ಥ ಶ್ರೀಮದ್ ಭಾಗವತ ಪ್ರವಚನ. ಸ್ಥಳ: ರಾಮಾನುಜ ರಸ್ತೆ, ಸಂಜೆ 6.30ರಿಂದ.

■ ರೋಟರಿ ಮೈಸೂರು ಮಿಡ್‌ಟೌನ್: ಎನ್‌ಎಸ್‌ಎಸ್ ಮತ್ತು ಐಯುಸಿ ಸಹಯೋಗದಲ್ಲಿ ಉಪನ್ಯಾಸ ಹಾಗೂ ವೃತ್ತಿ ಮಾರ್ಗದರ್ಶನ ಕಾರ್ಯಕ್ರಮ. ಸ್ಥಳ: ರೋಟರಿ ಮಿಡ್‌ಟೌನ್ ಸಭಾಂಗಣ, ಜೆಎಲ್‌ಬಿ ರಸ್ತೆ, ಸಂಜೆ 6.30ಕ್ಕೆ.
